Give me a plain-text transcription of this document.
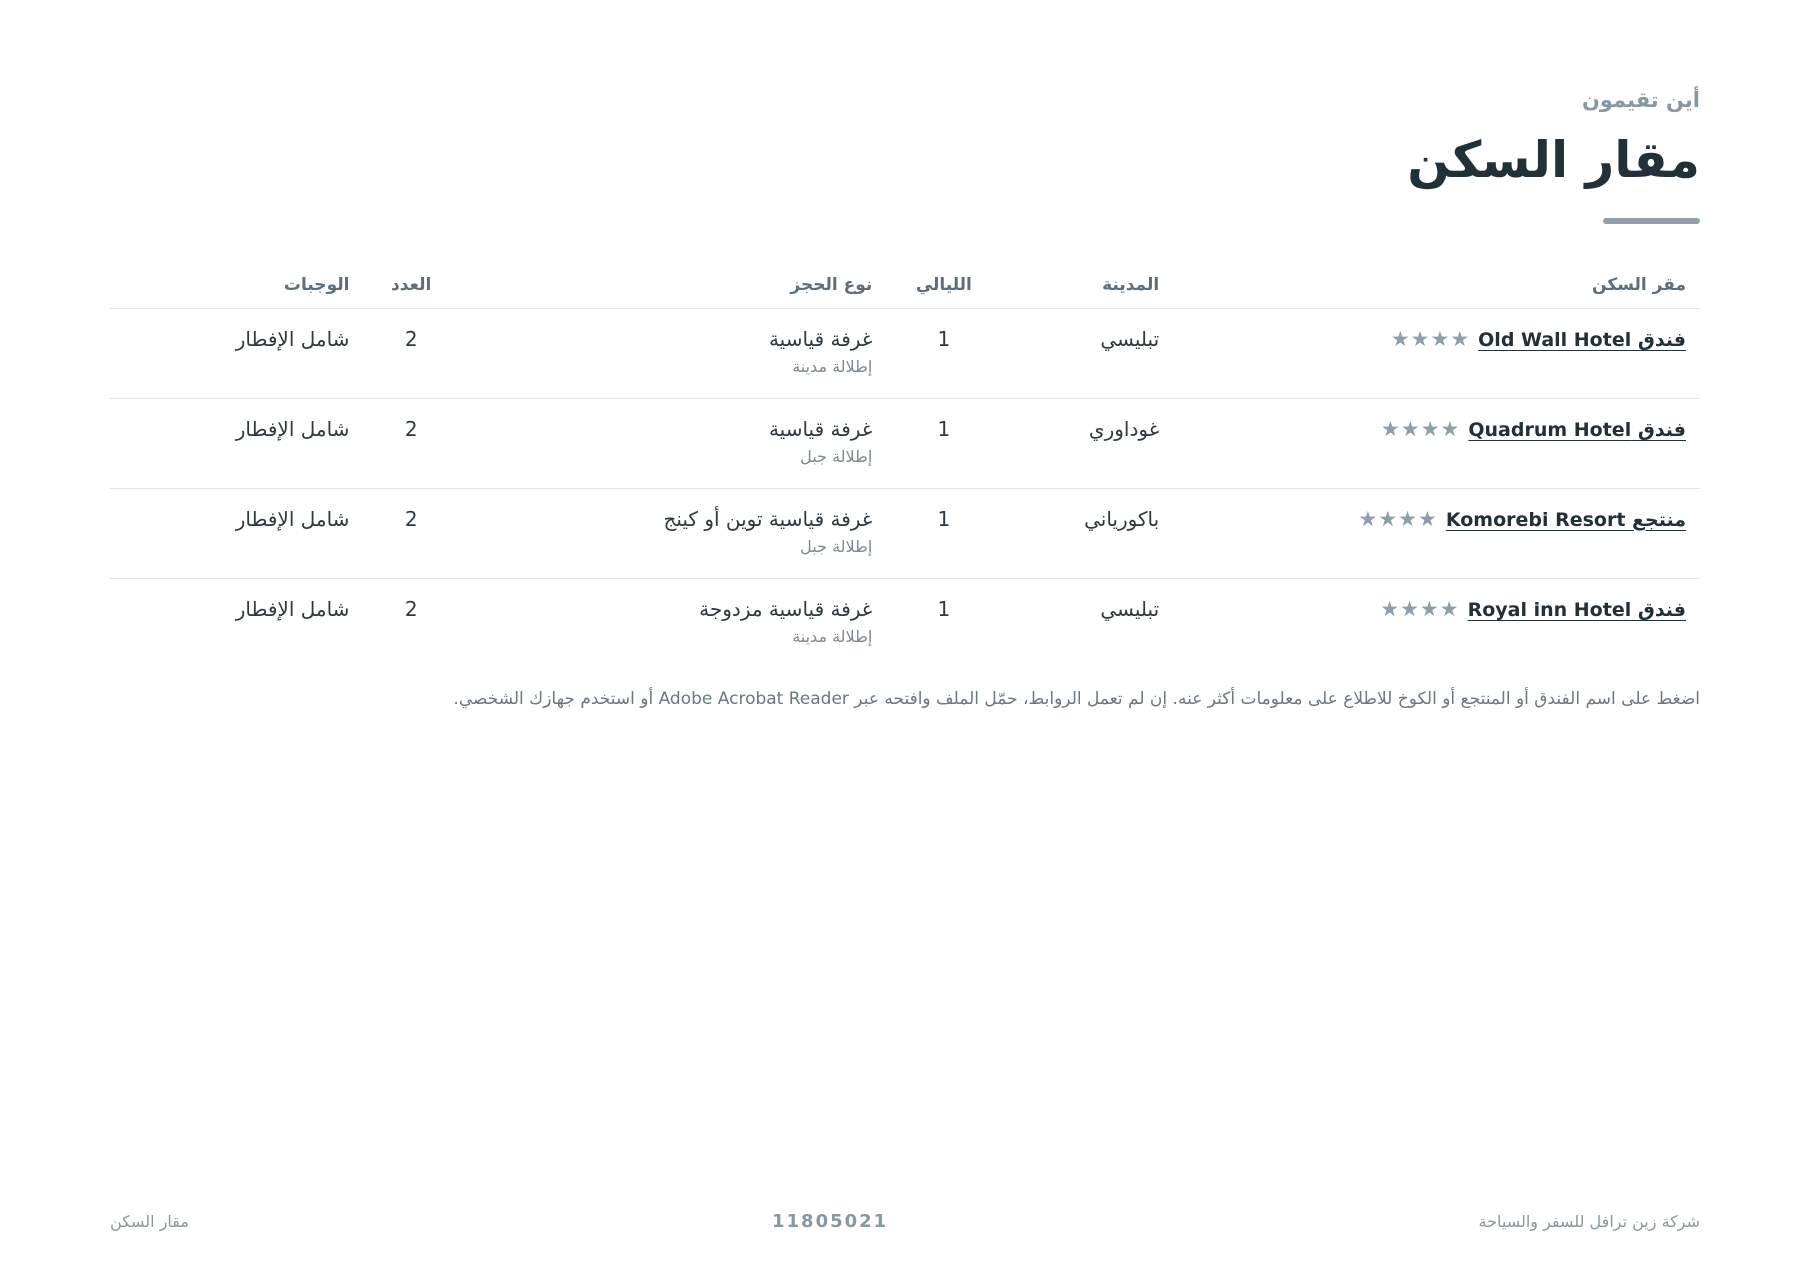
أين تقيمون
مقار السكن
مقر السكن	المدينة	الليالي	نوع الحجز	العدد	الوجبات

فندق Old Wall Hotel★★★★	تبليسي	1	غرفة قياسية
إطلالة مدينة	2	شامل الإفطار

فندق Quadrum Hotel★★★★	غوداوري	1	غرفة قياسية
إطلالة جبل	2	شامل الإفطار

منتجع Komorebi Resort★★★★	باكورياني	1	غرفة قياسية توين أو كينج
إطلالة جبل	2	شامل الإفطار

فندق Royal inn Hotel★★★★	تبليسي	1	غرفة قياسية مزدوجة
إطلالة مدينة	2	شامل الإفطار
اضغط على اسم الفندق أو المنتجع أو الكوخ للاطلاع على معلومات أكثر عنه. إن لم تعمل الروابط، حمّل الملف وافتحه عبر Adobe Acrobat Reader أو استخدم جهازك الشخصي.
شركة زين ترافل للسفر والسياحة
11805021
مقار السكن
